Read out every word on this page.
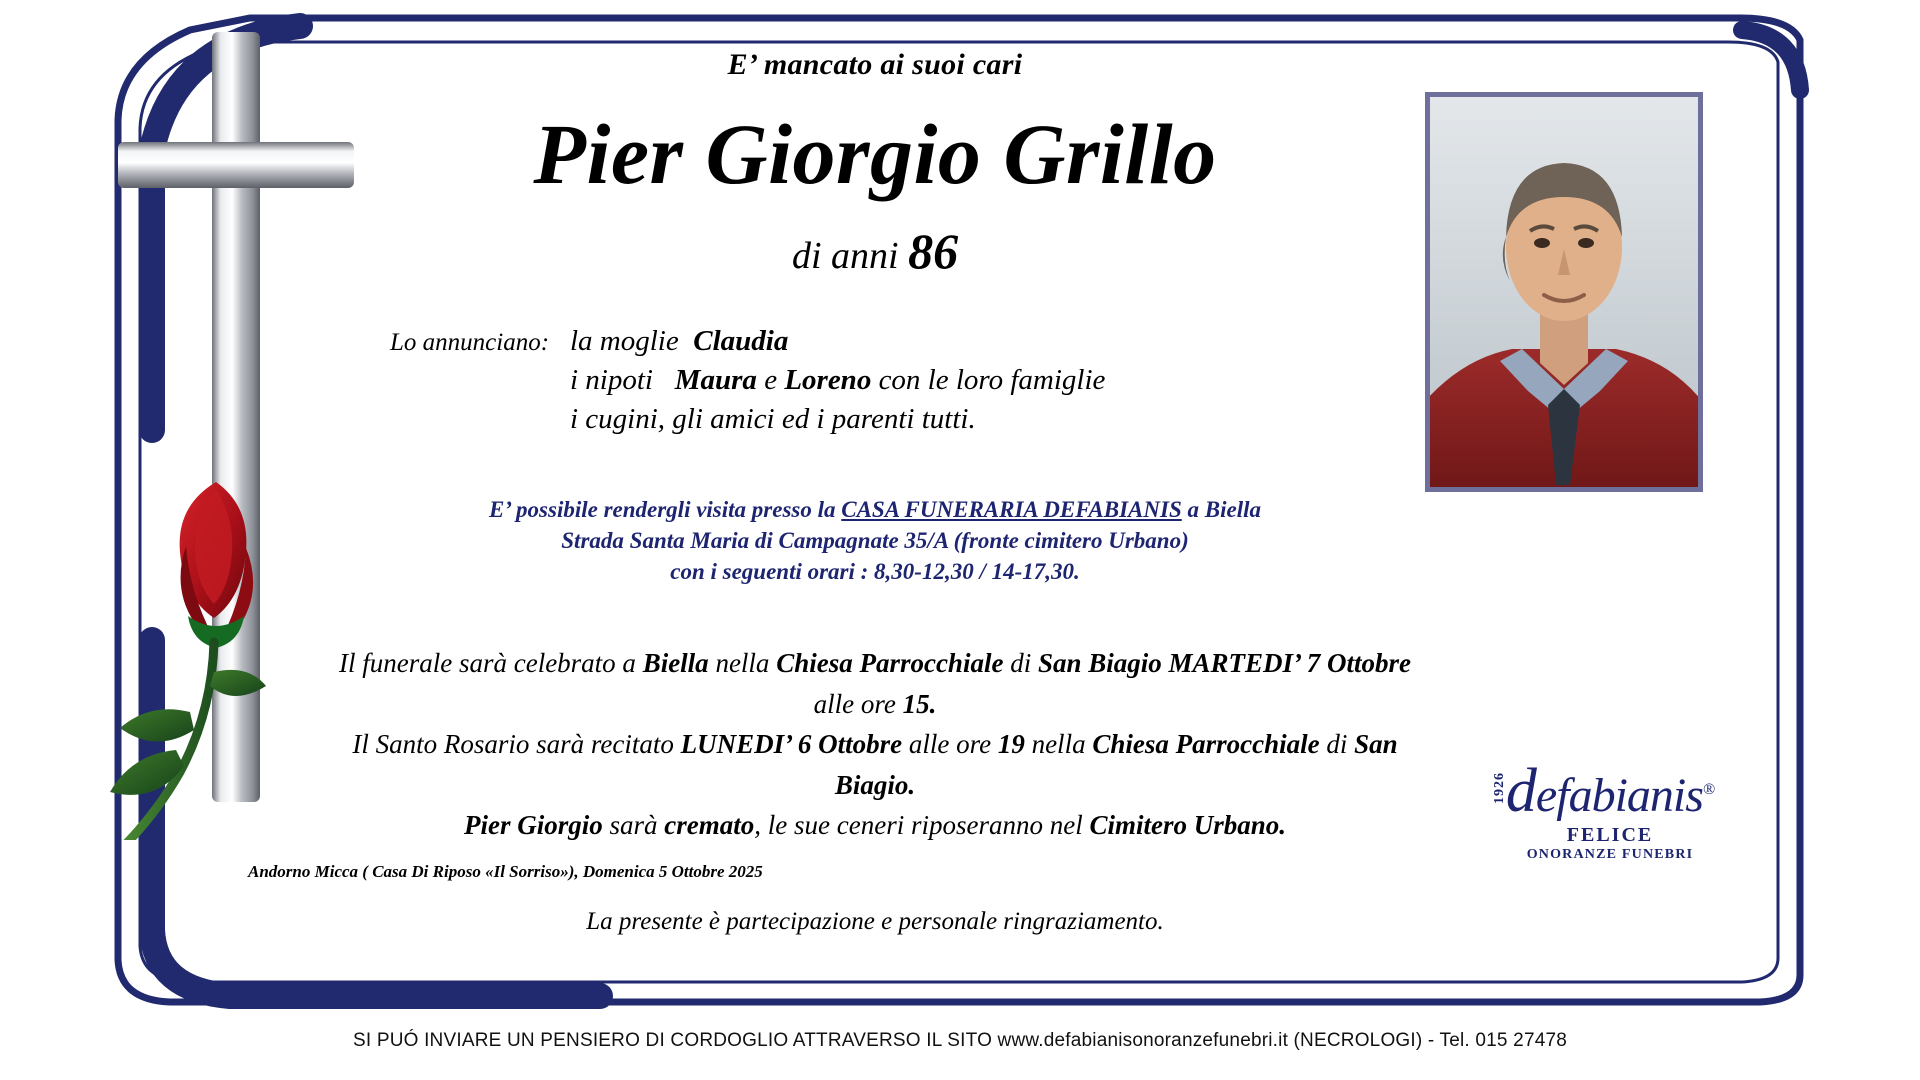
E’ mancato ai suoi cari
Pier Giorgio Grillo
di anni 86
Lo annunciano: la moglie Claudia
i nipoti Maura e Loreno con le loro famiglie
i cugini, gli amici ed i parenti tutti.
E’ possibile rendergli visita presso la CASA FUNERARIA DEFABIANIS a Biella
Strada Santa Maria di Campagnate 35/A (fronte cimitero Urbano)
con i seguenti orari : 8,30-12,30 / 14-17,30.
Il funerale sarà celebrato a Biella nella Chiesa Parrocchiale di San Biagio MARTEDI’ 7 Ottobre alle ore 15.
Il Santo Rosario sarà recitato LUNEDI’ 6 Ottobre alle ore 19 nella Chiesa Parrocchiale di San Biagio.
Pier Giorgio sarà cremato, le sue ceneri riposeranno nel Cimitero Urbano.
La presente è partecipazione e personale ringraziamento.
Andorno Micca ( Casa Di Riposo «Il Sorriso»), Domenica 5 Ottobre 2025
defabianis®
1926
FELICE
ONORANZE FUNEBRI
SI PUÓ INVIARE UN PENSIERO DI CORDOGLIO ATTRAVERSO IL SITO www.defabianisonoranzefunebri.it (NECROLOGI) - Tel. 015 27478
